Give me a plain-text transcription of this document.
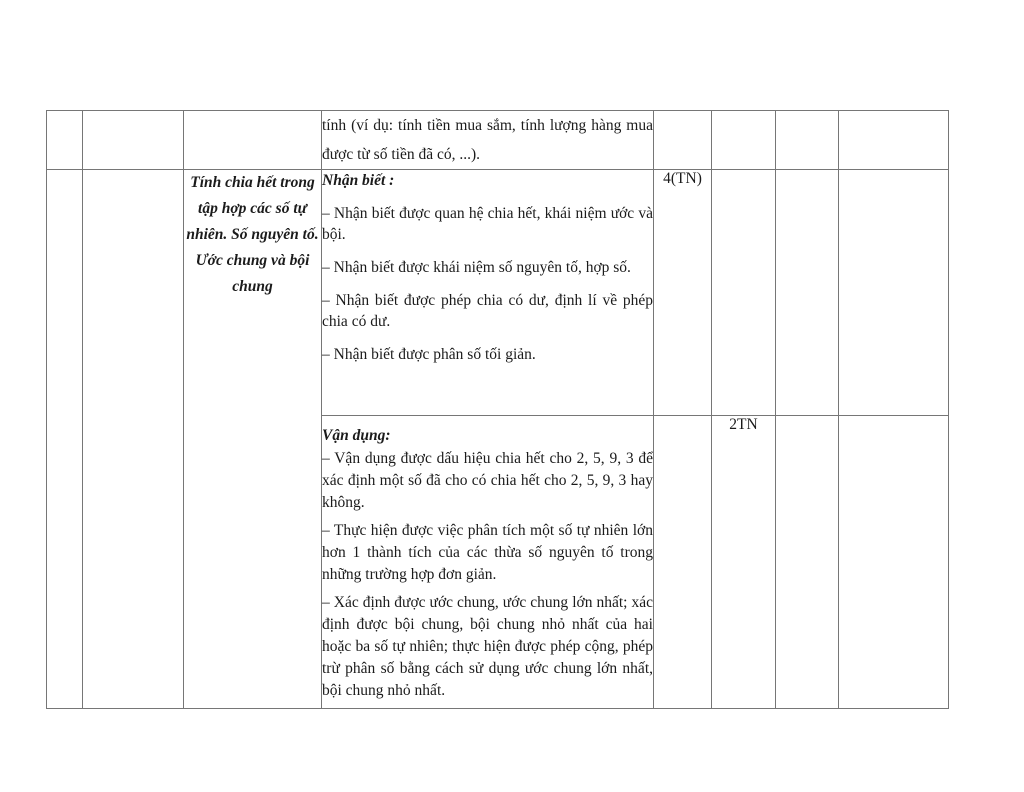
			tính (ví dụ: tính tiền mua sắm, tính lượng hàng mua được từ số tiền đã có, ...).				
		Tính chia hết trong tập hợp các số tự nhiên. Số nguyên tố. Ước chung và bội chung	Nhận biết :

– Nhận biết được quan hệ chia hết, khái niệm ước và bội.

– Nhận biết được khái niệm số nguyên tố, hợp số.

– Nhận biết được phép chia có dư, định lí về phép chia có dư.

– Nhận biết được phân số tối giản.	4(TN)			

			Vận dụng:

– Vận dụng được dấu hiệu chia hết cho 2, 5, 9, 3 để xác định một số đã cho có chia hết cho 2, 5, 9, 3 hay không.

– Thực hiện được việc phân tích một số tự nhiên lớn hơn 1 thành tích của các thừa số nguyên tố trong những trường hợp đơn giản.

– Xác định được ước chung, ước chung lớn nhất; xác định được bội chung, bội chung nhỏ nhất của hai hoặc ba số tự nhiên; thực hiện được phép cộng, phép trừ phân số bằng cách sử dụng ước chung lớn nhất, bội chung nhỏ nhất.		2TN		
